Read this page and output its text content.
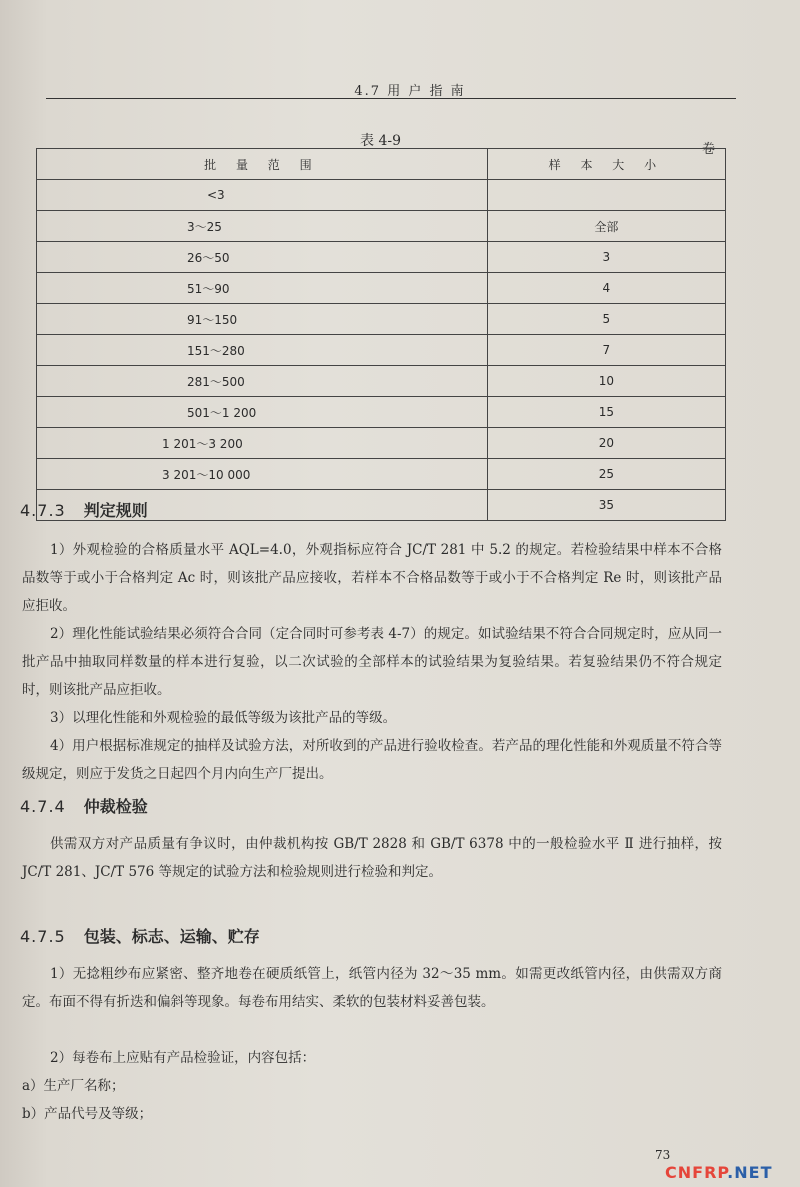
4.7 用 户 指 南
表 4-9
卷
批 量 范 围	样 本 大 小
<3	
3～25	全部
26～50	3
51～90	4
91～150	5
151～280	7
281～500	10
501～1 200	15
1 201～3 200	20
3 201～10 000	25
	35
4.7.3 判定规则
1）外观检验的合格质量水平 AQL=4.0，外观指标应符合 JC/T 281 中 5.2 的规定。若检验结果中样本不合格品数等于或小于合格判定 Ac 时，则该批产品应接收，若样本不合格品数等于或小于不合格判定 Re 时，则该批产品应拒收。
2）理化性能试验结果必须符合合同（定合同时可参考表 4-7）的规定。如试验结果不符合合同规定时，应从同一批产品中抽取同样数量的样本进行复验，以二次试验的全部样本的试验结果为复验结果。若复验结果仍不符合规定时，则该批产品应拒收。
3）以理化性能和外观检验的最低等级为该批产品的等级。
4）用户根据标准规定的抽样及试验方法，对所收到的产品进行验收检查。若产品的理化性能和外观质量不符合等级规定，则应于发货之日起四个月内向生产厂提出。
4.7.4 仲裁检验
供需双方对产品质量有争议时，由仲裁机构按 GB/T 2828 和 GB/T 6378 中的一般检验水平 Ⅱ 进行抽样，按 JC/T 281、JC/T 576 等规定的试验方法和检验规则进行检验和判定。
4.7.5 包装、标志、运输、贮存
1）无捻粗纱布应紧密、整齐地卷在硬质纸管上，纸管内径为 32～35 mm。如需更改纸管内径，由供需双方商定。布面不得有折迭和偏斜等现象。每卷布用结实、柔软的包装材料妥善包装。
2）每卷布上应贴有产品检验证，内容包括：
a）生产厂名称；
b）产品代号及等级；
73
CNFRP.NET
